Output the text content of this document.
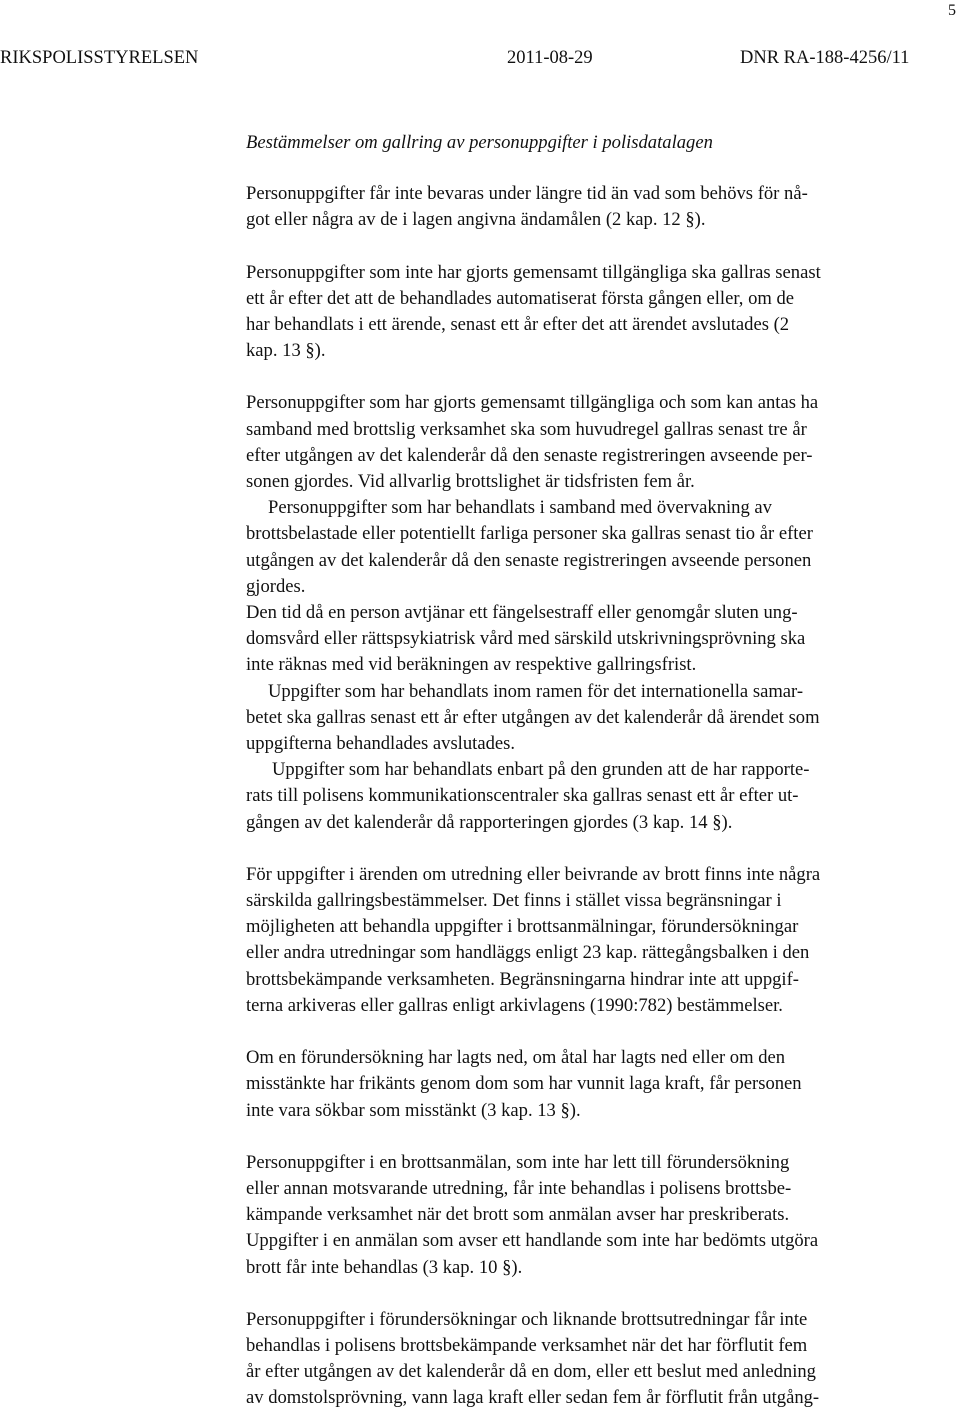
5
RIKSPOLISSTYRELSEN	2011-08-29	DNR RA-188-4256/11

Bestämmelser om gallring av personuppgifter i polisdatalagen

Personuppgifter får inte bevaras under längre tid än vad som behövs för nå-
got eller några av de i lagen angivna ändamålen (2 kap. 12 §).

Personuppgifter som inte har gjorts gemensamt tillgängliga ska gallras senast
ett år efter det att de behandlades automatiserat första gången eller, om de
har behandlats i ett ärende, senast ett år efter det att ärendet avslutades (2
kap. 13 §).

Personuppgifter som har gjorts gemensamt tillgängliga och som kan antas ha
samband med brottslig verksamhet ska som huvudregel gallras senast tre år
efter utgången av det kalenderår då den senaste registreringen avseende per-
sonen gjordes. Vid allvarlig brottslighet är tidsfristen fem år.

Personuppgifter som har behandlats i samband med övervakning av
brottsbelastade eller potentiellt farliga personer ska gallras senast tio år efter
utgången av det kalenderår då den senaste registreringen avseende personen
gjordes.

Den tid då en person avtjänar ett fängelsestraff eller genomgår sluten ung-
domsvård eller rättspsykiatrisk vård med särskild utskrivningsprövning ska
inte räknas med vid beräkningen av respektive gallringsfrist.

Uppgifter som har behandlats inom ramen för det internationella samar-
betet ska gallras senast ett år efter utgången av det kalenderår då ärendet som
uppgifterna behandlades avslutades.

Uppgifter som har behandlats enbart på den grunden att de har rapporte-
rats till polisens kommunikationscentraler ska gallras senast ett år efter ut-
gången av det kalenderår då rapporteringen gjordes (3 kap. 14 §).

För uppgifter i ärenden om utredning eller beivrande av brott finns inte några
särskilda gallringsbestämmelser. Det finns i stället vissa begränsningar i
möjligheten att behandla uppgifter i brottsanmälningar, förundersökningar
eller andra utredningar som handläggs enligt 23 kap. rättegångsbalken i den
brottsbekämpande verksamheten. Begränsningarna hindrar inte att uppgif-
terna arkiveras eller gallras enligt arkivlagens (1990:782) bestämmelser.

Om en förundersökning har lagts ned, om åtal har lagts ned eller om den
misstänkte har frikänts genom dom som har vunnit laga kraft, får personen
inte vara sökbar som misstänkt (3 kap. 13 §).

Personuppgifter i en brottsanmälan, som inte har lett till förundersökning
eller annan motsvarande utredning, får inte behandlas i polisens brottsbe-
kämpande verksamhet när det brott som anmälan avser har preskriberats.
Uppgifter i en anmälan som avser ett handlande som inte har bedömts utgöra
brott får inte behandlas (3 kap. 10 §).

Personuppgifter i förundersökningar och liknande brottsutredningar får inte
behandlas i polisens brottsbekämpande verksamhet när det har förflutit fem
år efter utgången av det kalenderår då en dom, eller ett beslut med anledning
av domstolsprövning, vann laga kraft eller sedan fem år förflutit från utgång-
